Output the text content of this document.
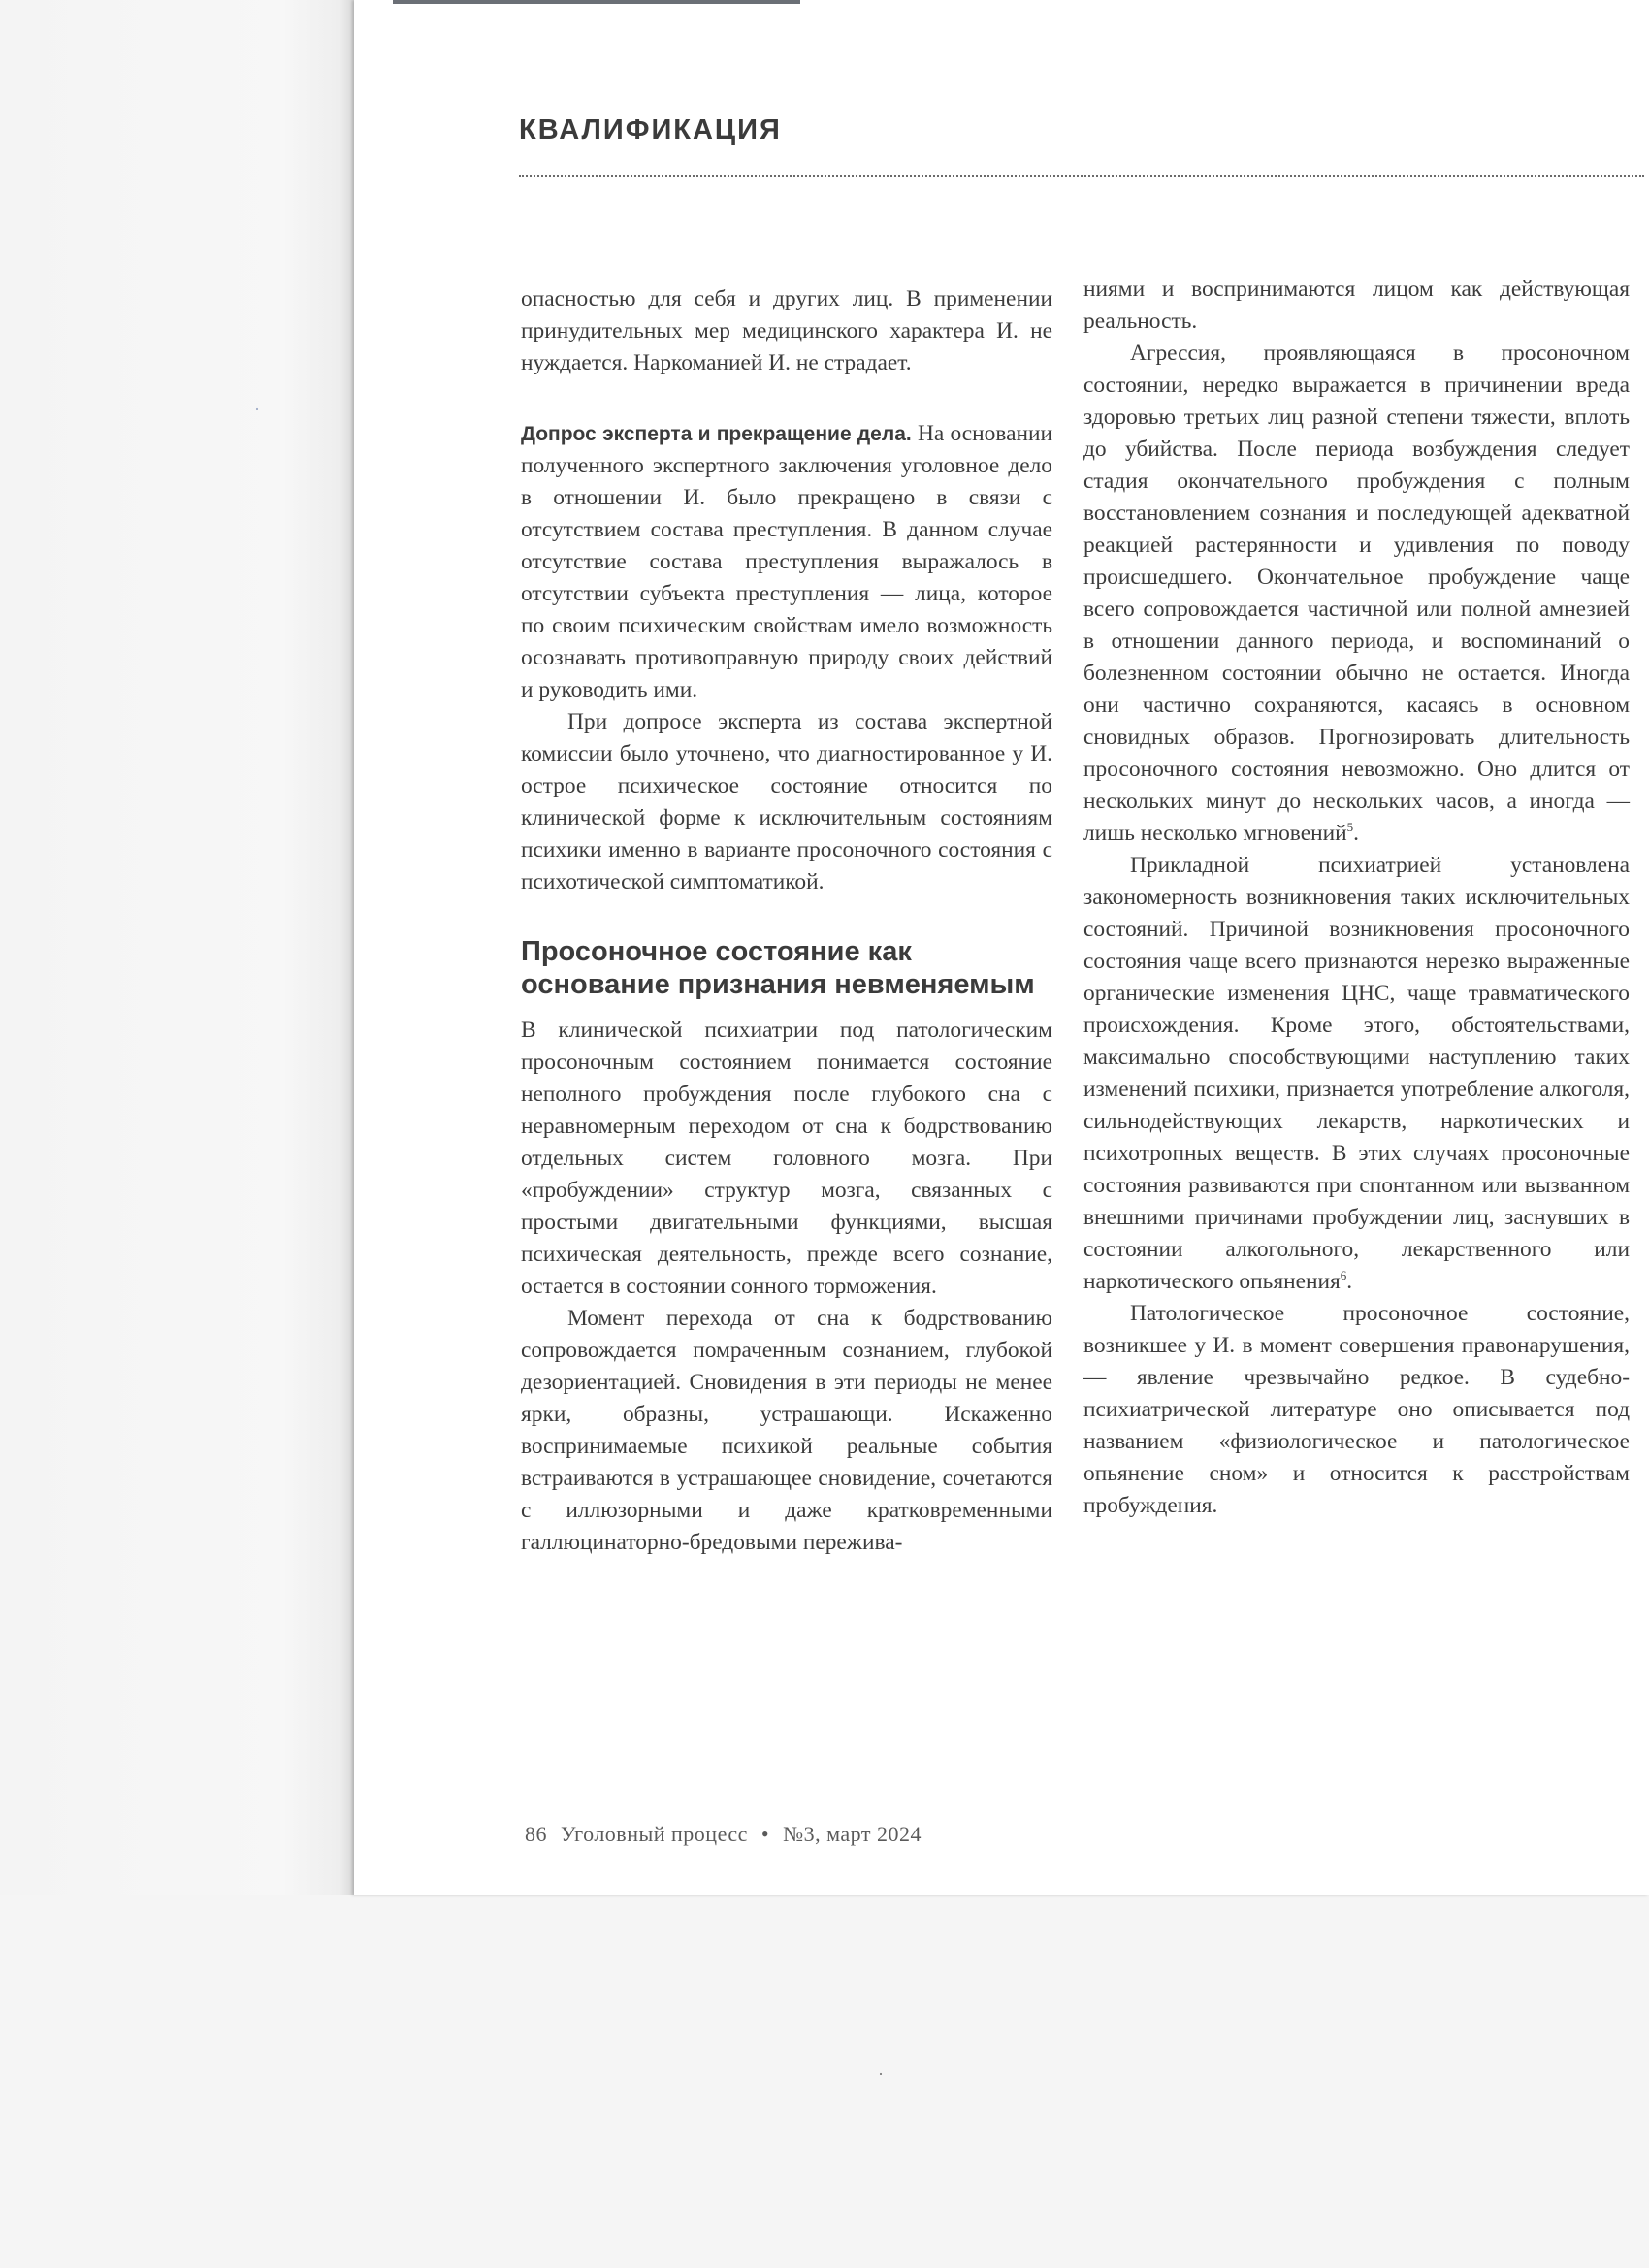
·
·
КВАЛИФИКАЦИЯ

опасностью для себя и других лиц. В применении принудительных мер медицинского характера И. не нуждается. Наркоманией И. не страдает.

Допрос эксперта и прекращение дела. На основании полученного экспертного заключения уголовное дело в отношении И. было прекращено в связи с отсутствием состава преступления. В данном случае отсутствие состава преступления выражалось в отсутствии субъекта преступления — лица, которое по своим психическим свойствам имело возможность осознавать противоправную природу своих действий и руководить ими.

При допросе эксперта из состава экспертной комиссии было уточнено, что диагностированное у И. острое психическое состояние относится по клинической форме к исключительным состояниям психики именно в варианте просоночного состояния с психотической симптоматикой.

Просоночное состояние как основание признания невменяемым

В клинической психиатрии под патологическим просоночным состоянием понимается состояние неполного пробуждения после глубокого сна с неравномерным переходом от сна к бодрствованию отдельных систем головного мозга. При «пробуждении» структур мозга, связанных с простыми двигательными функциями, высшая психическая деятельность, прежде всего сознание, остается в состоянии сонного торможения.

Момент перехода от сна к бодрствованию сопровождается помраченным сознанием, глубокой дезориентацией. Сновидения в эти периоды не менее ярки, образны, устрашающи. Искаженно воспринимаемые психикой реальные события встраиваются в устрашающее сновидение, сочетаются с иллюзорными и даже кратковременными галлюцинаторно-бредовыми пережива-

ниями и воспринимаются лицом как действующая реальность.

Агрессия, проявляющаяся в просоночном состоянии, нередко выражается в причинении вреда здоровью третьих лиц разной степени тяжести, вплоть до убийства. После периода возбуждения следует стадия окончательного пробуждения с полным восстановлением сознания и последующей адекватной реакцией растерянности и удивления по поводу происшедшего. Окончательное пробуждение чаще всего сопровождается частичной или полной амнезией в отношении данного периода, и воспоминаний о болезненном состоянии обычно не остается. Иногда они частично сохраняются, касаясь в основном сновидных образов. Прогнозировать длительность просоночного состояния невозможно. Оно длится от нескольких минут до нескольких часов, а иногда — лишь несколько мгновений$^5$.

Прикладной психиатрией установлена закономерность возникновения таких исключительных состояний. Причиной возникновения просоночного состояния чаще всего признаются нерезко выраженные органические изменения ЦНС, чаще травматического происхождения. Кроме этого, обстоятельствами, максимально способствующими наступлению таких изменений психики, признается употребление алкоголя, сильнодействующих лекарств, наркотических и психотропных веществ. В этих случаях просоночные состояния развиваются при спонтанном или вызванном внешними причинами пробуждении лиц, заснувших в состоянии алкогольного, лекарственного или наркотического опьянения$^6$.

Патологическое просоночное состояние, возникшее у И. в момент совершения правонарушения, — явление чрезвычайно редкое. В судебно-психиатрической литературе оно описывается под названием «физиологическое и патологическое опьянение сном» и относится к расстройствам пробуждения.

86 Уголовный процесс • №3, март 2024
